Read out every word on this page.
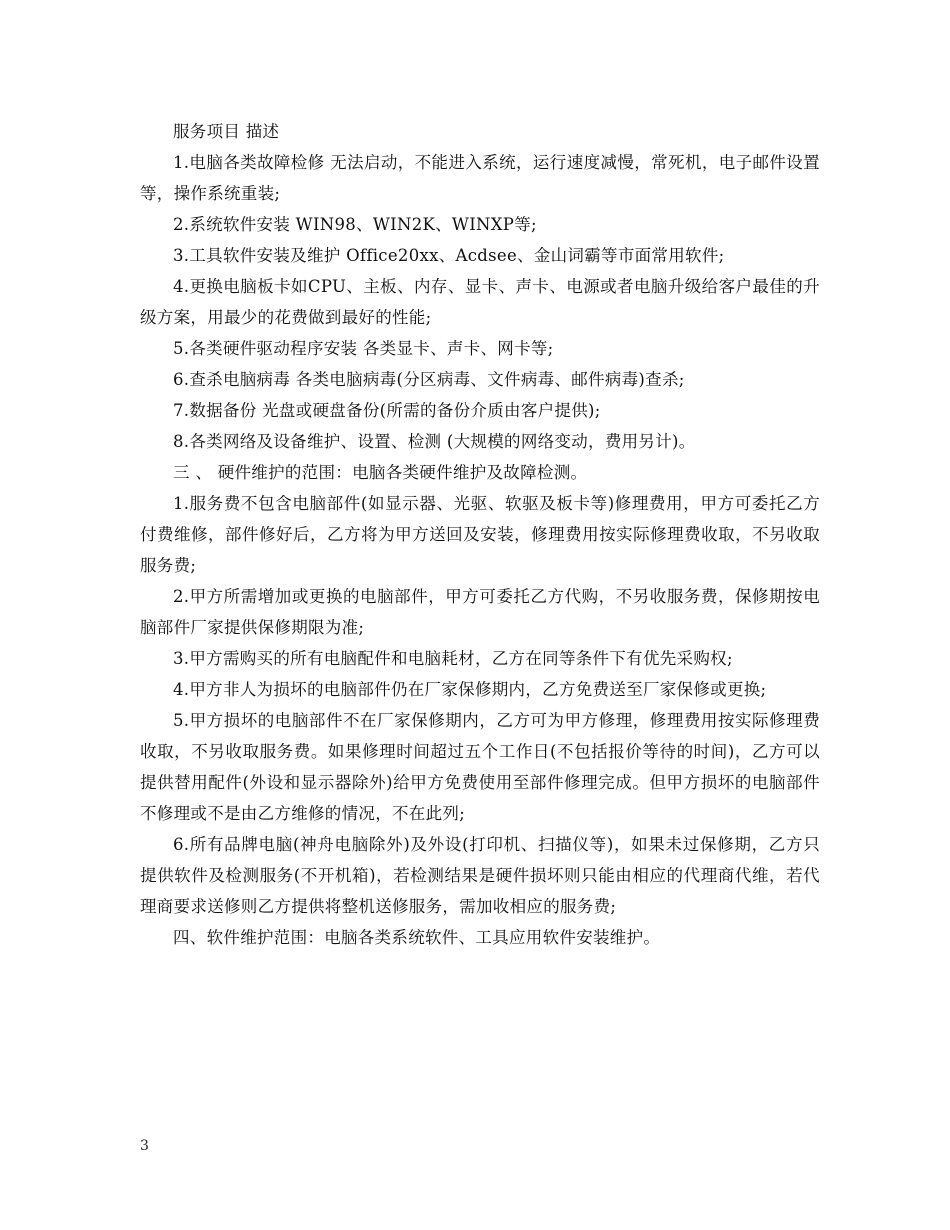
服务项目 描述

1.电脑各类故障检修 无法启动，不能进入系统，运行速度减慢，常死机，电子邮件设置等，操作系统重装;

2.系统软件安装 WIN98、WIN2K、WINXP等;

3.工具软件安装及维护 Office20xx、Acdsee、金山词霸等市面常用软件;

4.更换电脑板卡如CPU、主板、内存、显卡、声卡、电源或者电脑升级给客户最佳的升级方案，用最少的花费做到最好的性能;

5.各类硬件驱动程序安装 各类显卡、声卡、网卡等;

6.查杀电脑病毒 各类电脑病毒(分区病毒、文件病毒、邮件病毒)查杀;

7.数据备份 光盘或硬盘备份(所需的备份介质由客户提供);

8.各类网络及设备维护、设置、检测 (大规模的网络变动，费用另计)。

三 、 硬件维护的范围：电脑各类硬件维护及故障检测。

1.服务费不包含电脑部件(如显示器、光驱、软驱及板卡等)修理费用，甲方可委托乙方付费维修，部件修好后，乙方将为甲方送回及安装，修理费用按实际修理费收取，不另收取服务费;

2.甲方所需增加或更换的电脑部件，甲方可委托乙方代购，不另收服务费，保修期按电脑部件厂家提供保修期限为准;

3.甲方需购买的所有电脑配件和电脑耗材，乙方在同等条件下有优先采购权;

4.甲方非人为损坏的电脑部件仍在厂家保修期内，乙方免费送至厂家保修或更换;

5.甲方损坏的电脑部件不在厂家保修期内，乙方可为甲方修理，修理费用按实际修理费收取，不另收取服务费。如果修理时间超过五个工作日(不包括报价等待的时间)，乙方可以提供替用配件(外设和显示器除外)给甲方免费使用至部件修理完成。但甲方损坏的电脑部件不修理或不是由乙方维修的情况，不在此列;

6.所有品牌电脑(神舟电脑除外)及外设(打印机、扫描仪等)，如果未过保修期，乙方只提供软件及检测服务(不开机箱)，若检测结果是硬件损坏则只能由相应的代理商代维，若代理商要求送修则乙方提供将整机送修服务，需加收相应的服务费;

四、软件维护范围：电脑各类系统软件、工具应用软件安装维护。

3
